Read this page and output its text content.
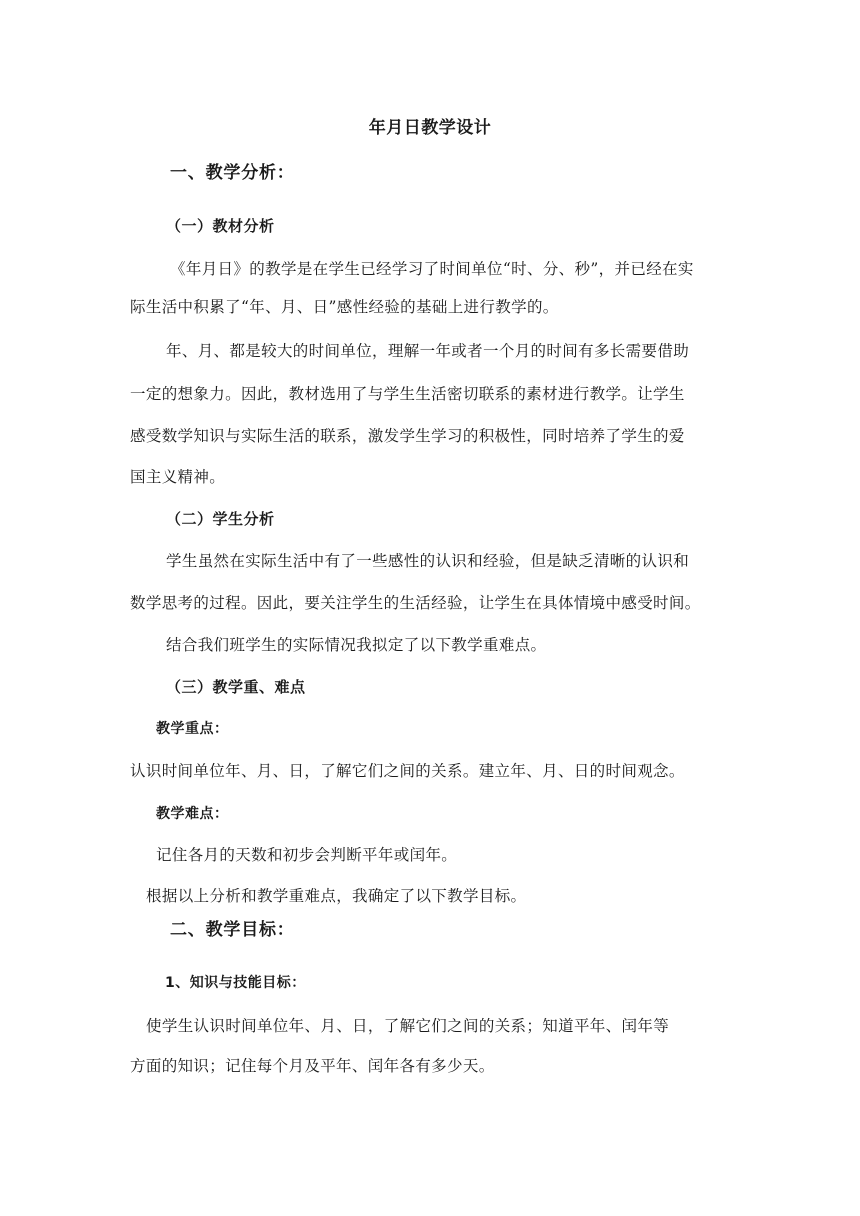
年月日教学设计
一、教学分析：
（一）教材分析
《年月日》的教学是在学生已经学习了时间单位“时、分、秒”，并已经在实
际生活中积累了“年、月、日”感性经验的基础上进行教学的。
年、月、都是较大的时间单位，理解一年或者一个月的时间有多长需要借助
一定的想象力。因此，教材选用了与学生生活密切联系的素材进行教学。让学生
感受数学知识与实际生活的联系，激发学生学习的积极性，同时培养了学生的爱
国主义精神。
（二）学生分析
学生虽然在实际生活中有了一些感性的认识和经验，但是缺乏清晰的认识和
数学思考的过程。因此，要关注学生的生活经验，让学生在具体情境中感受时间。
结合我们班学生的实际情况我拟定了以下教学重难点。
（三）教学重、难点
教学重点：
认识时间单位年、月、日，了解它们之间的关系。建立年、月、日的时间观念。
教学难点：
记住各月的天数和初步会判断平年或闰年。
根据以上分析和教学重难点，我确定了以下教学目标。
二、教学目标：
1、知识与技能目标：
使学生认识时间单位年、月、日，了解它们之间的关系；知道平年、闰年等
方面的知识；记住每个月及平年、闰年各有多少天。
